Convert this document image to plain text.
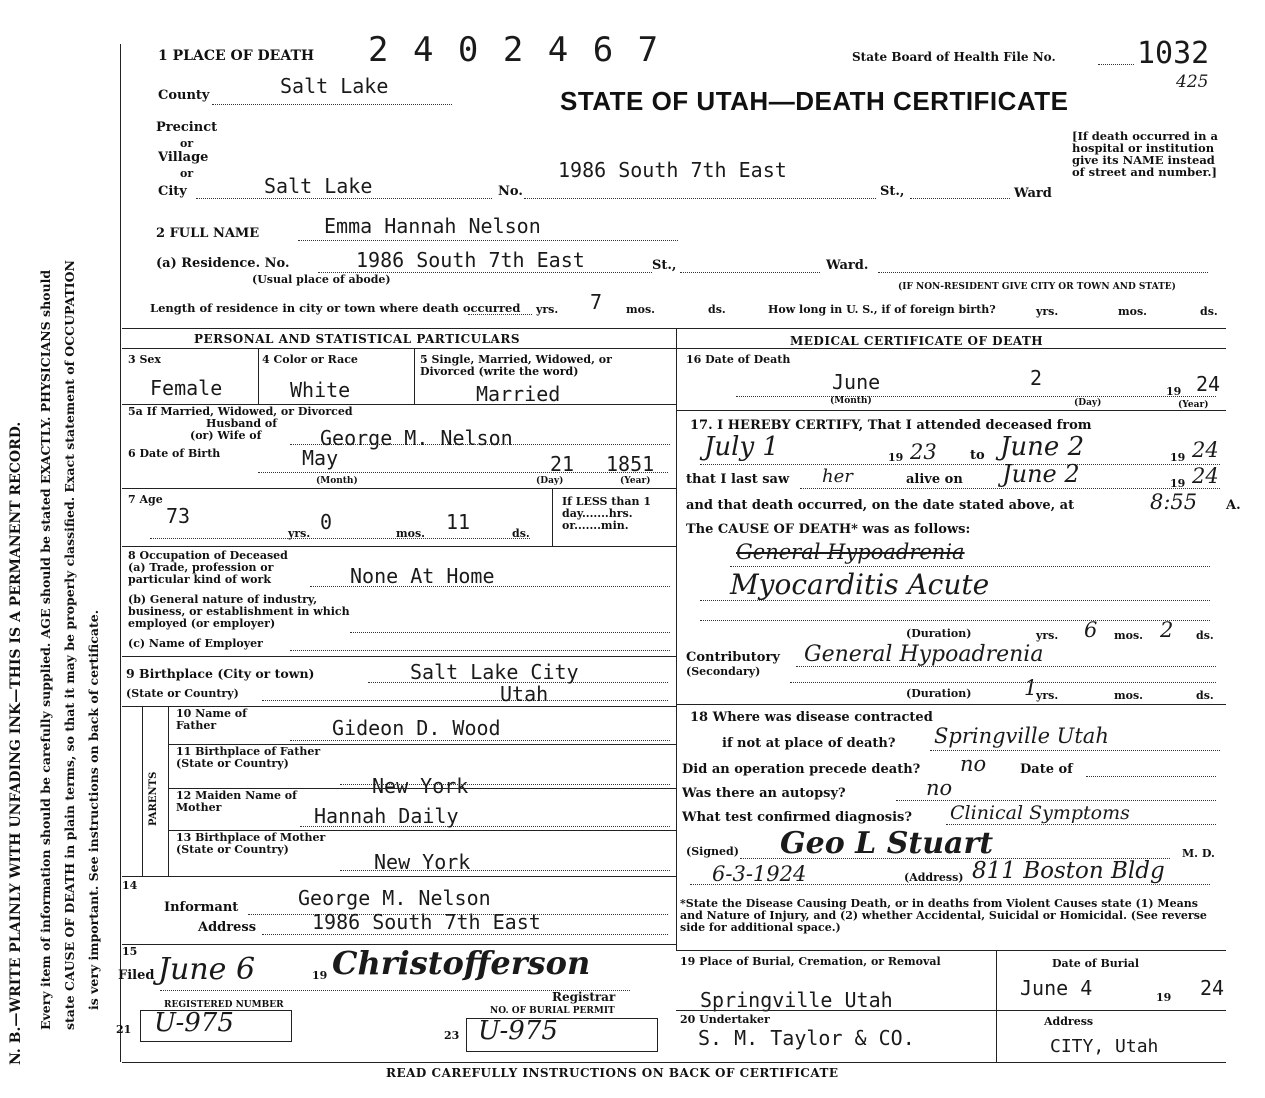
N. B.—WRITE PLAINLY WITH UNFADING INK—THIS IS A PERMANENT RECORD. Every item of information should be carefully supplied. AGE should be stated EXACTLY. PHYSICIANS should state CAUSE OF DEATH in plain terms, so that it may be properly classified. Exact statement of OCCUPATION is very important. See instructions on back of certificate.
1 PLACE OF DEATH 2 4 0 2 4 6 7	State Board of Health File No.	1032
425
County	Salt Lake	STATE OF UTAH—DEATH CERTIFICATE
Precinct
or
Village
or
City	Salt Lake	No.
1986 South 7th East
St.,	Ward
[If death occurred in a hospital or institution give its NAME instead of street and number.]
2 FULL NAME	Emma Hannah Nelson
(a) Residence. No.	1986 South 7th East	St.,	Ward.
(Usual place of abode)
(IF NON-RESIDENT GIVE CITY OR TOWN AND STATE)
Length of residence in city or town where death occurred yrs. 7 mos.	ds.	How long in U. S., if of foreign birth?	yrs.	mos.	ds.
PERSONAL AND STATISTICAL PARTICULARS
3 Sex
Female
4 Color or Race
White
5 Single, Married, Widowed, or Divorced (write the word)
Married
5a If Married, Widowed, or Divorced
Husband of
(or) Wife of	George M. Nelson
6 Date of Birth	May	21 1851
(Month)	(Day)	(Year)
7 Age
73
yrs. 0	mos. 11	ds.
If LESS than 1 day.......hrs. or.......min.
8 Occupation of Deceased
(a) Trade, profession or particular kind of work	None At Home
(b) General nature of industry, business, or establishment in which employed (or employer)
(c) Name of Employer
9 Birthplace (City or town)	Salt Lake City
(State or Country)	Utah
PARENTS
10 Name of Father	Gideon D. Wood
11 Birthplace of Father (State or Country)
New York
12 Maiden Name of Mother	Hannah Daily
13 Birthplace of Mother (State or Country)
New York
14
Informant	George M. Nelson
Address	1986 South 7th East
15
Filed June 6	19 Christofferson
Registrar
REGISTERED NUMBER
21 U-975	NO. OF BURIAL PERMIT
23 U-975
MEDICAL CERTIFICATE OF DEATH
16 Date of Death
June	2
19 24
(Month)	(Day)	(Year)
17. I HEREBY CERTIFY, That I attended deceased from
July 1	19 23	to June 2	19 24
that I last saw her	alive on June 2	19 24
and that death occurred, on the date stated above, at	8:55 A.
The CAUSE OF DEATH* was as follows:
General Hypoadrenia
Myocarditis Acute
(Duration)	yrs. 6 mos. 2 ds.
Contributory
(Secondary)
General Hypoadrenia
(Duration)	1
yrs.	mos.	ds.
18 Where was disease contracted
if not at place of death? Springville Utah
Did an operation precede death? no	Date of
Was there an autopsy?	no
What test confirmed diagnosis? Clinical Symptoms
(Signed) Geo L Stuart	M. D.
6-3-1924	(Address) 811 Boston Bldg
*State the Disease Causing Death, or in deaths from Violent Causes state (1) Means and Nature of Injury, and (2) whether Accidental, Suicidal or Homicidal. (See reverse side for additional space.)
19 Place of Burial, Cremation, or Removal
Springville Utah
Date of Burial
June 4	19 24
20 Undertaker
S. M. Taylor & CO.
Address
CITY, Utah
READ CAREFULLY INSTRUCTIONS ON BACK OF CERTIFICATE
